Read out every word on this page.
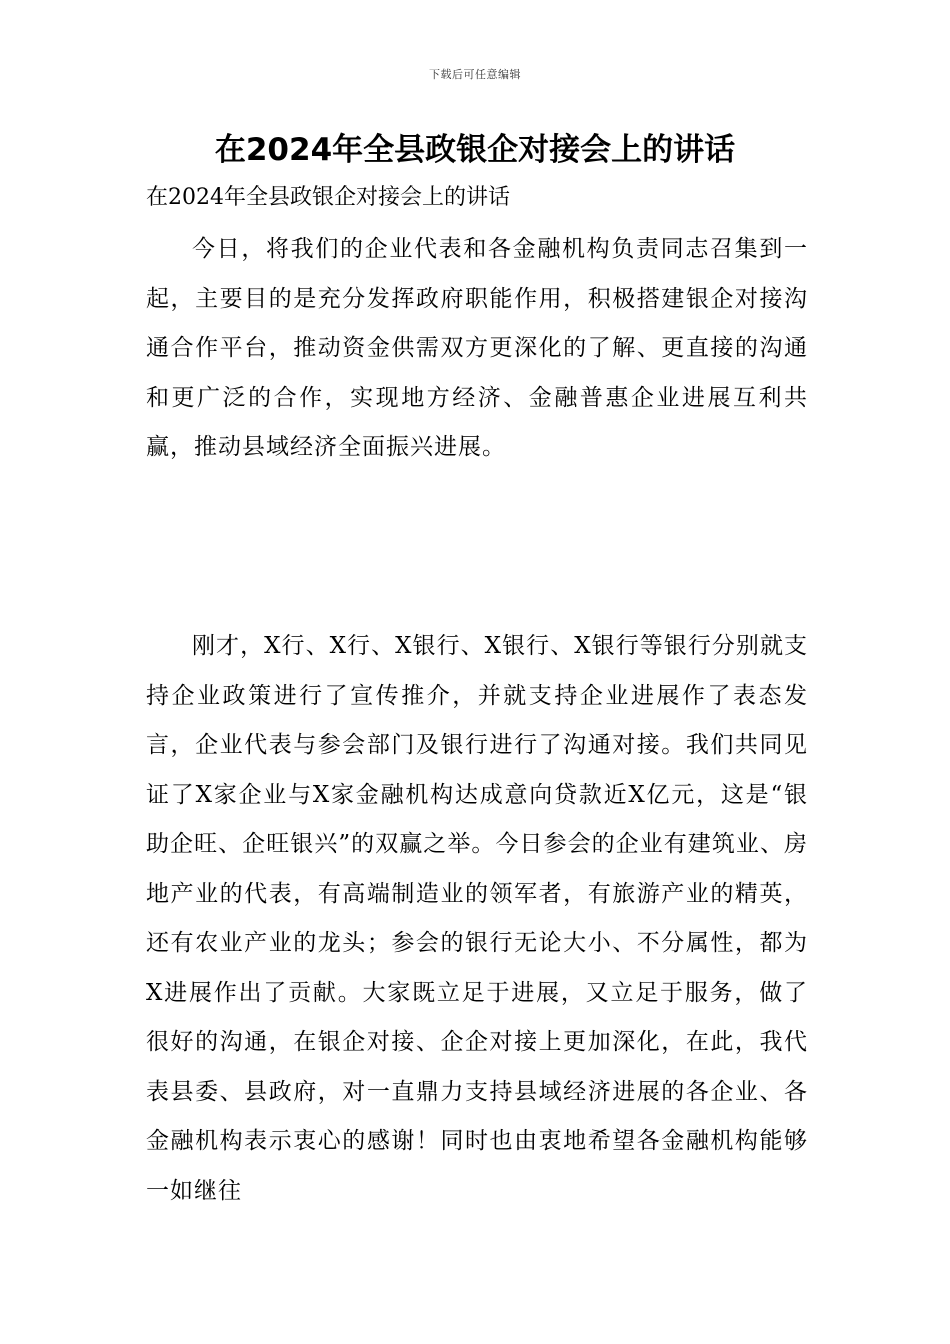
下载后可任意编辑
在2024年全县政银企对接会上的讲话

在2024年全县政银企对接会上的讲话

今日，将我们的企业代表和各金融机构负责同志召集到一起，主要目的是充分发挥政府职能作用，积极搭建银企对接沟通合作平台，推动资金供需双方更深化的了解、更直接的沟通和更广泛的合作，实现地方经济、金融普惠企业进展互利共赢，推动县域经济全面振兴进展。

刚才，X行、X行、X银行、X银行、X银行等银行分别就支持企业政策进行了宣传推介，并就支持企业进展作了表态发言，企业代表与参会部门及银行进行了沟通对接。我们共同见证了X家企业与X家金融机构达成意向贷款近X亿元，这是“银助企旺、企旺银兴”的双赢之举。今日参会的企业有建筑业、房地产业的代表，有高端制造业的领军者，有旅游产业的精英，还有农业产业的龙头；参会的银行无论大小、不分属性，都为X进展作出了贡献。大家既立足于进展，又立足于服务，做了很好的沟通，在银企对接、企企对接上更加深化，在此，我代表县委、县政府，对一直鼎力支持县域经济进展的各企业、各金融机构表示衷心的感谢！同时也由衷地希望各金融机构能够一如继往
